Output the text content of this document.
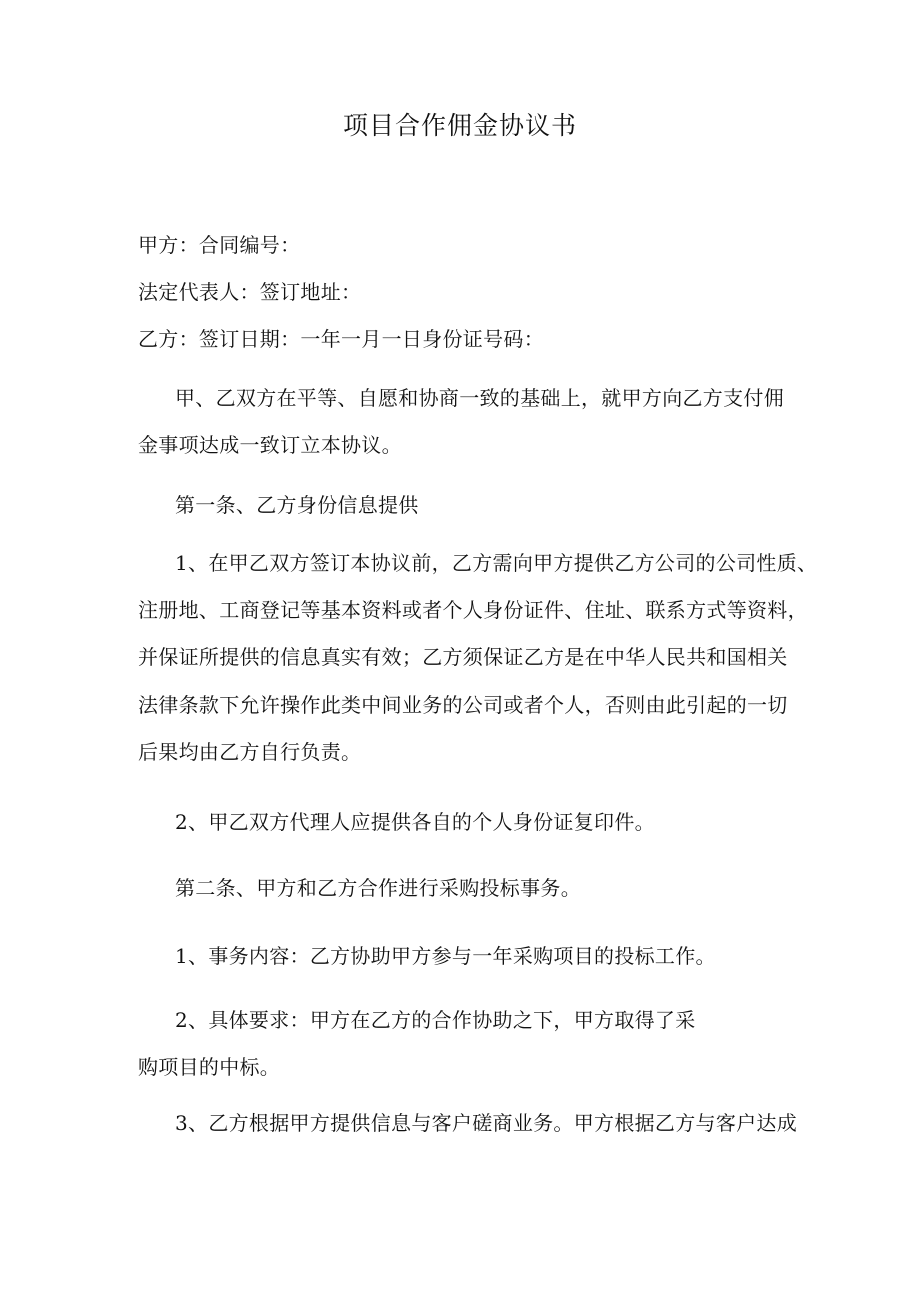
项目合作佣金协议书
甲方：合同编号：
法定代表人：签订地址：
乙方：签订日期：一年一月一日身份证号码：
甲、乙双方在平等、自愿和协商一致的基础上，就甲方向乙方支付佣
金事项达成一致订立本协议。
第一条、乙方身份信息提供
1、在甲乙双方签订本协议前，乙方需向甲方提供乙方公司的公司性质、
注册地、工商登记等基本资料或者个人身份证件、住址、联系方式等资料，
并保证所提供的信息真实有效；乙方须保证乙方是在中华人民共和国相关
法律条款下允许操作此类中间业务的公司或者个人，否则由此引起的一切
后果均由乙方自行负责。
2、甲乙双方代理人应提供各自的个人身份证复印件。
第二条、甲方和乙方合作进行采购投标事务。
1、事务内容：乙方协助甲方参与一年采购项目的投标工作。
2、具体要求：甲方在乙方的合作协助之下，甲方取得了采
购项目的中标。
3、乙方根据甲方提供信息与客户磋商业务。甲方根据乙方与客户达成
